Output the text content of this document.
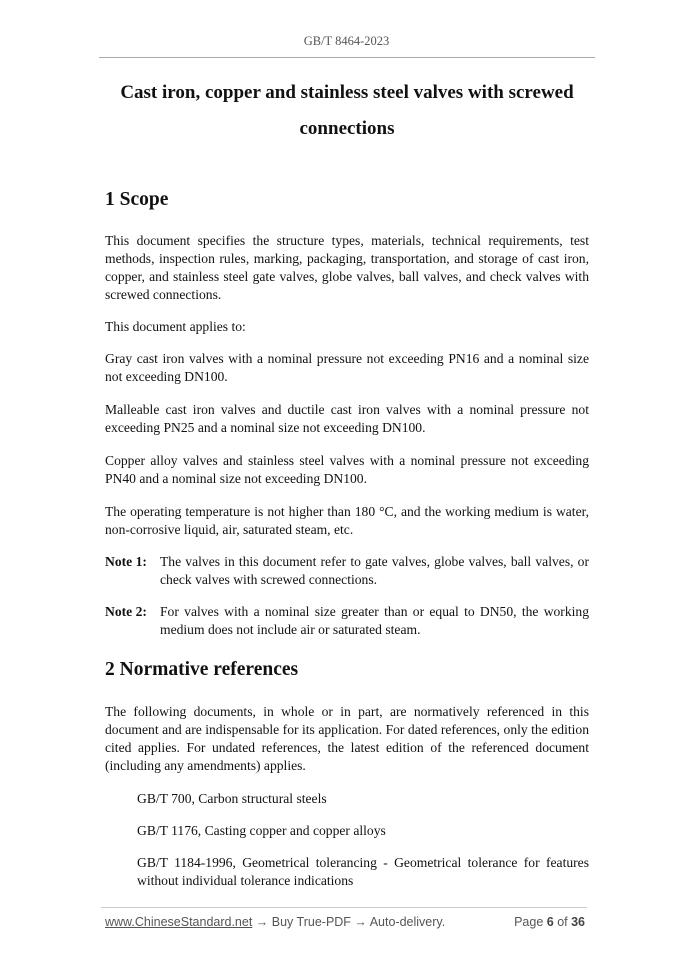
GB/T 8464-2023
Cast iron, copper and stainless steel valves with screwed
connections
1 Scope
This document specifies the structure types, materials, technical requirements, test methods, inspection rules, marking, packaging, transportation, and storage of cast iron, copper, and stainless steel gate valves, globe valves, ball valves, and check valves with screwed connections.
This document applies to:
Gray cast iron valves with a nominal pressure not exceeding PN16 and a nominal size not exceeding DN100.
Malleable cast iron valves and ductile cast iron valves with a nominal pressure not exceeding PN25 and a nominal size not exceeding DN100.
Copper alloy valves and stainless steel valves with a nominal pressure not exceeding PN40 and a nominal size not exceeding DN100.
The operating temperature is not higher than 180 °C, and the working medium is water, non-corrosive liquid, air, saturated steam, etc.
Note 1: The valves in this document refer to gate valves, globe valves, ball valves, or check valves with screwed connections.
Note 2: For valves with a nominal size greater than or equal to DN50, the working medium does not include air or saturated steam.
2 Normative references
The following documents, in whole or in part, are normatively referenced in this document and are indispensable for its application. For dated references, only the edition cited applies. For undated references, the latest edition of the referenced document (including any amendments) applies.
GB/T 700, Carbon structural steels
GB/T 1176, Casting copper and copper alloys
GB/T 1184-1996, Geometrical tolerancing - Geometrical tolerance for features without individual tolerance indications
www.ChineseStandard.net → Buy True-PDF → Auto-delivery.	Page 6 of 36
